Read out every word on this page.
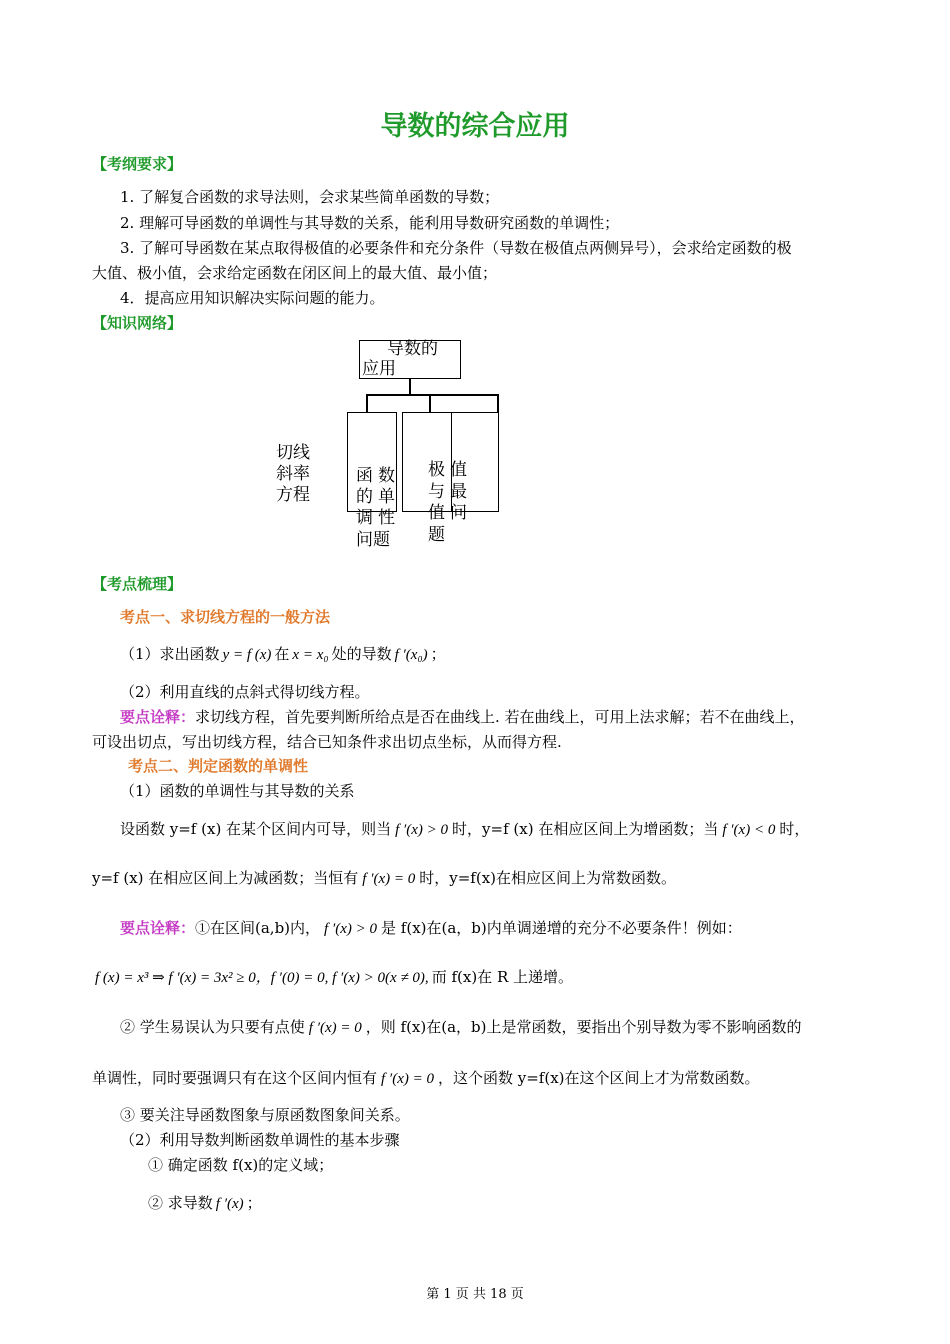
导数的综合应用
【考纲要求】
1. 了解复合函数的求导法则，会求某些简单函数的导数；
2. 理解可导函数的单调性与其导数的关系，能利用导数研究函数的单调性；
3. 了解可导函数在某点取得极值的必要条件和充分条件（导数在极值点两侧异号），会求给定函数的极
大值、极小值，会求给定函数在闭区间上的最大值、最小值；
4．提高应用知识解决实际问题的能力。
【知识网络】
导数的
应用
切线
斜率
方程
函
的
调
问题
数
单
性
极
与
值
题
值
最
问
【考点梳理】
考点一、求切线方程的一般方法
（1）求出函数 y = f (x) 在 x = x₀ 处的导数 f ′(x₀) ；
（2）利用直线的点斜式得切线方程。
要点诠释：求切线方程，首先要判断所给点是否在曲线上. 若在曲线上，可用上法求解；若不在曲线上，
可设出切点，写出切线方程，结合已知条件求出切点坐标，从而得方程.
考点二、判定函数的单调性
（1）函数的单调性与其导数的关系
设函数 y=f (x) 在某个区间内可导，则当 f ′(x) > 0 时，y=f (x) 在相应区间上为增函数；当 f ′(x) < 0 时，
y=f (x) 在相应区间上为减函数；当恒有 f ′(x) = 0 时，y=f(x)在相应区间上为常数函数。
要点诠释：①在区间(a,b)内， f ′(x) > 0 是 f(x)在(a，b)内单调递增的充分不必要条件！例如：
f (x) = x³ ⇒ f ′(x) = 3x² ≥ 0，f ′(0) = 0, f ′(x) > 0(x ≠ 0), 而 f(x)在 R 上递增。
② 学生易误认为只要有点使 f ′(x) = 0 ，则 f(x)在(a，b)上是常函数，要指出个别导数为零不影响函数的
单调性，同时要强调只有在这个区间内恒有 f ′(x) = 0 ，这个函数 y=f(x)在这个区间上才为常数函数。
③ 要关注导函数图象与原函数图象间关系。
（2）利用导数判断函数单调性的基本步骤
① 确定函数 f(x)的定义域；
② 求导数 f ′(x) ；
第 1 页 共 18 页
